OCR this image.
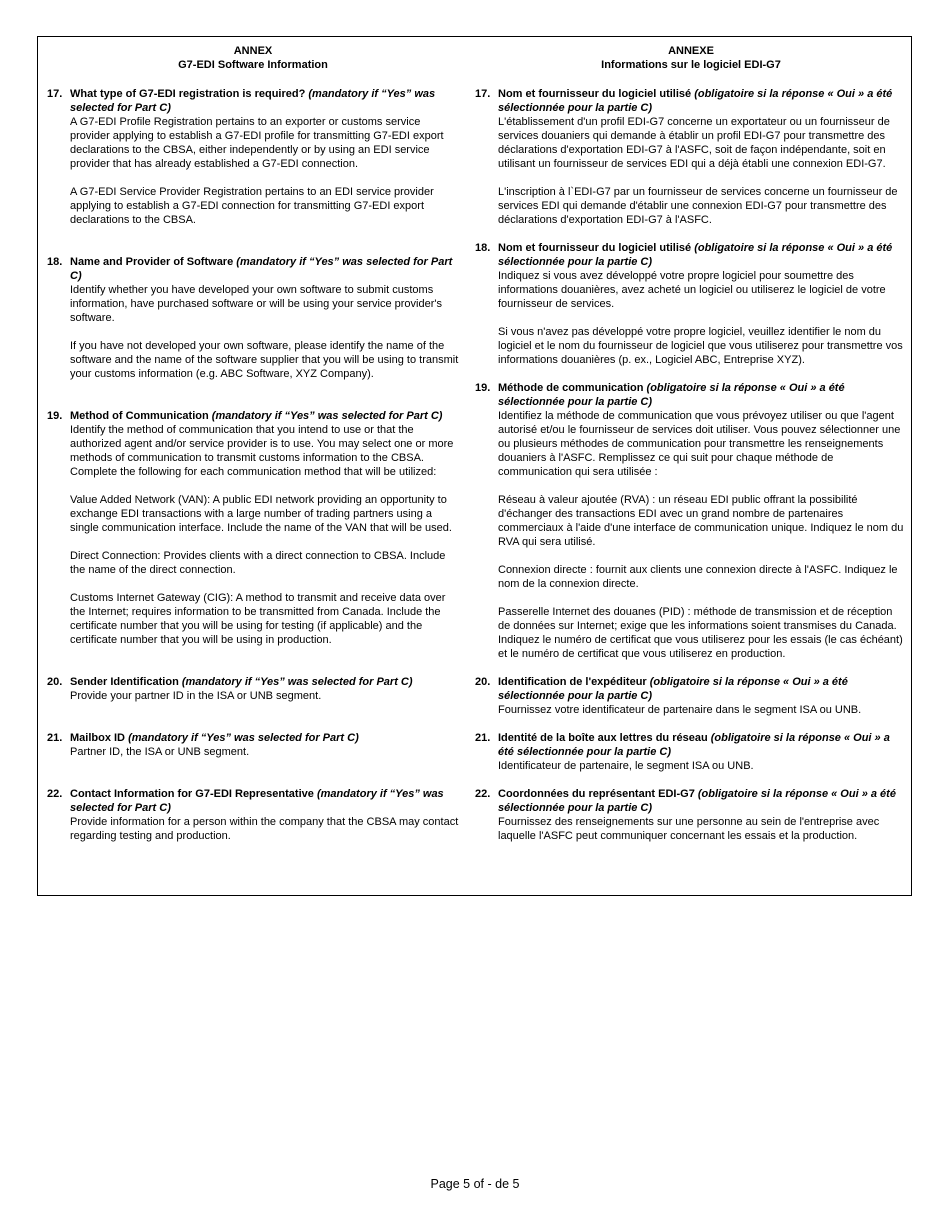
ANNEX
G7-EDI Software Information
17. What type of G7-EDI registration is required? (mandatory if “Yes” was selected for Part C)

A G7-EDI Profile Registration pertains to an exporter or customs service provider applying to establish a G7-EDI profile for transmitting G7-EDI export declarations to the CBSA, either independently or by using an EDI service provider that has already established a G7-EDI connection.

A G7-EDI Service Provider Registration pertains to an EDI service provider applying to establish a G7-EDI connection for transmitting G7-EDI export declarations to the CBSA.

18. Name and Provider of Software (mandatory if “Yes” was selected for Part C)

Identify whether you have developed your own software to submit customs information, have purchased software or will be using your service provider's software.

If you have not developed your own software, please identify the name of the software and the name of the software supplier that you will be using to transmit your customs information (e.g. ABC Software, XYZ Company).

19. Method of Communication (mandatory if “Yes” was selected for Part C)

Identify the method of communication that you intend to use or that the authorized agent and/or service provider is to use. You may select one or more methods of communication to transmit customs information to the CBSA. Complete the following for each communication method that will be utilized:

Value Added Network (VAN): A public EDI network providing an opportunity to exchange EDI transactions with a large number of trading partners using a single communication interface. Include the name of the VAN that will be used.

Direct Connection: Provides clients with a direct connection to CBSA. Include the name of the direct connection.

Customs Internet Gateway (CIG): A method to transmit and receive data over the Internet; requires information to be transmitted from Canada. Include the certificate number that you will be using for testing (if applicable) and the certificate number that you will be using in production.

20. Sender Identification (mandatory if “Yes” was selected for Part C)

Provide your partner ID in the ISA or UNB segment.

21. Mailbox ID (mandatory if “Yes” was selected for Part C)

Partner ID, the ISA or UNB segment.

22. Contact Information for G7-EDI Representative (mandatory if “Yes” was selected for Part C)

Provide information for a person within the company that the CBSA may contact regarding testing and production.

ANNEXE
Informations sur le logiciel EDI-G7
17. Nom et fournisseur du logiciel utilisé (obligatoire si la réponse « Oui » a été sélectionnée pour la partie C)

L'établissement d'un profil EDI-G7 concerne un exportateur ou un fournisseur de services douaniers qui demande à établir un profil EDI-G7 pour transmettre des déclarations d'exportation EDI-G7 à l'ASFC, soit de façon indépendante, soit en utilisant un fournisseur de services EDI qui a déjà établi une connexion EDI-G7.

L'inscription à l`EDI-G7 par un fournisseur de services concerne un fournisseur de services EDI qui demande d'établir une connexion EDI-G7 pour transmettre des déclarations d'exportation EDI-G7 à l'ASFC.

18. Nom et fournisseur du logiciel utilisé (obligatoire si la réponse « Oui » a été sélectionnée pour la partie C)

Indiquez si vous avez développé votre propre logiciel pour soumettre des informations douanières, avez acheté un logiciel ou utiliserez le logiciel de votre fournisseur de services.

Si vous n'avez pas développé votre propre logiciel, veuillez identifier le nom du logiciel et le nom du fournisseur de logiciel que vous utiliserez pour transmettre vos informations douanières (p. ex., Logiciel ABC, Entreprise XYZ).

19. Méthode de communication (obligatoire si la réponse « Oui » a été sélectionnée pour la partie C)

Identifiez la méthode de communication que vous prévoyez utiliser ou que l'agent autorisé et/ou le fournisseur de services doit utiliser. Vous pouvez sélectionner une ou plusieurs méthodes de communication pour transmettre les renseignements douaniers à l'ASFC. Remplissez ce qui suit pour chaque méthode de communication qui sera utilisée :

Réseau à valeur ajoutée (RVA) : un réseau EDI public offrant la possibilité d'échanger des transactions EDI avec un grand nombre de partenaires commerciaux à l'aide d'une interface de communication unique. Indiquez le nom du RVA qui sera utilisé.

Connexion directe : fournit aux clients une connexion directe à l'ASFC. Indiquez le nom de la connexion directe.

Passerelle Internet des douanes (PID) : méthode de transmission et de réception de données sur Internet; exige que les informations soient transmises du Canada. Indiquez le numéro de certificat que vous utiliserez pour les essais (le cas échéant) et le numéro de certificat que vous utiliserez en production.

20. Identification de l'expéditeur (obligatoire si la réponse « Oui » a été sélectionnée pour la partie C)

Fournissez votre identificateur de partenaire dans le segment ISA ou UNB.

21. Identité de la boîte aux lettres du réseau (obligatoire si la réponse « Oui » a été sélectionnée pour la partie C)

Identificateur de partenaire, le segment ISA ou UNB.

22. Coordonnées du représentant EDI-G7 (obligatoire si la réponse « Oui » a été sélectionnée pour la partie C)

Fournissez des renseignements sur une personne au sein de l'entreprise avec laquelle l'ASFC peut communiquer concernant les essais et la production.

Page 5 of - de 5
